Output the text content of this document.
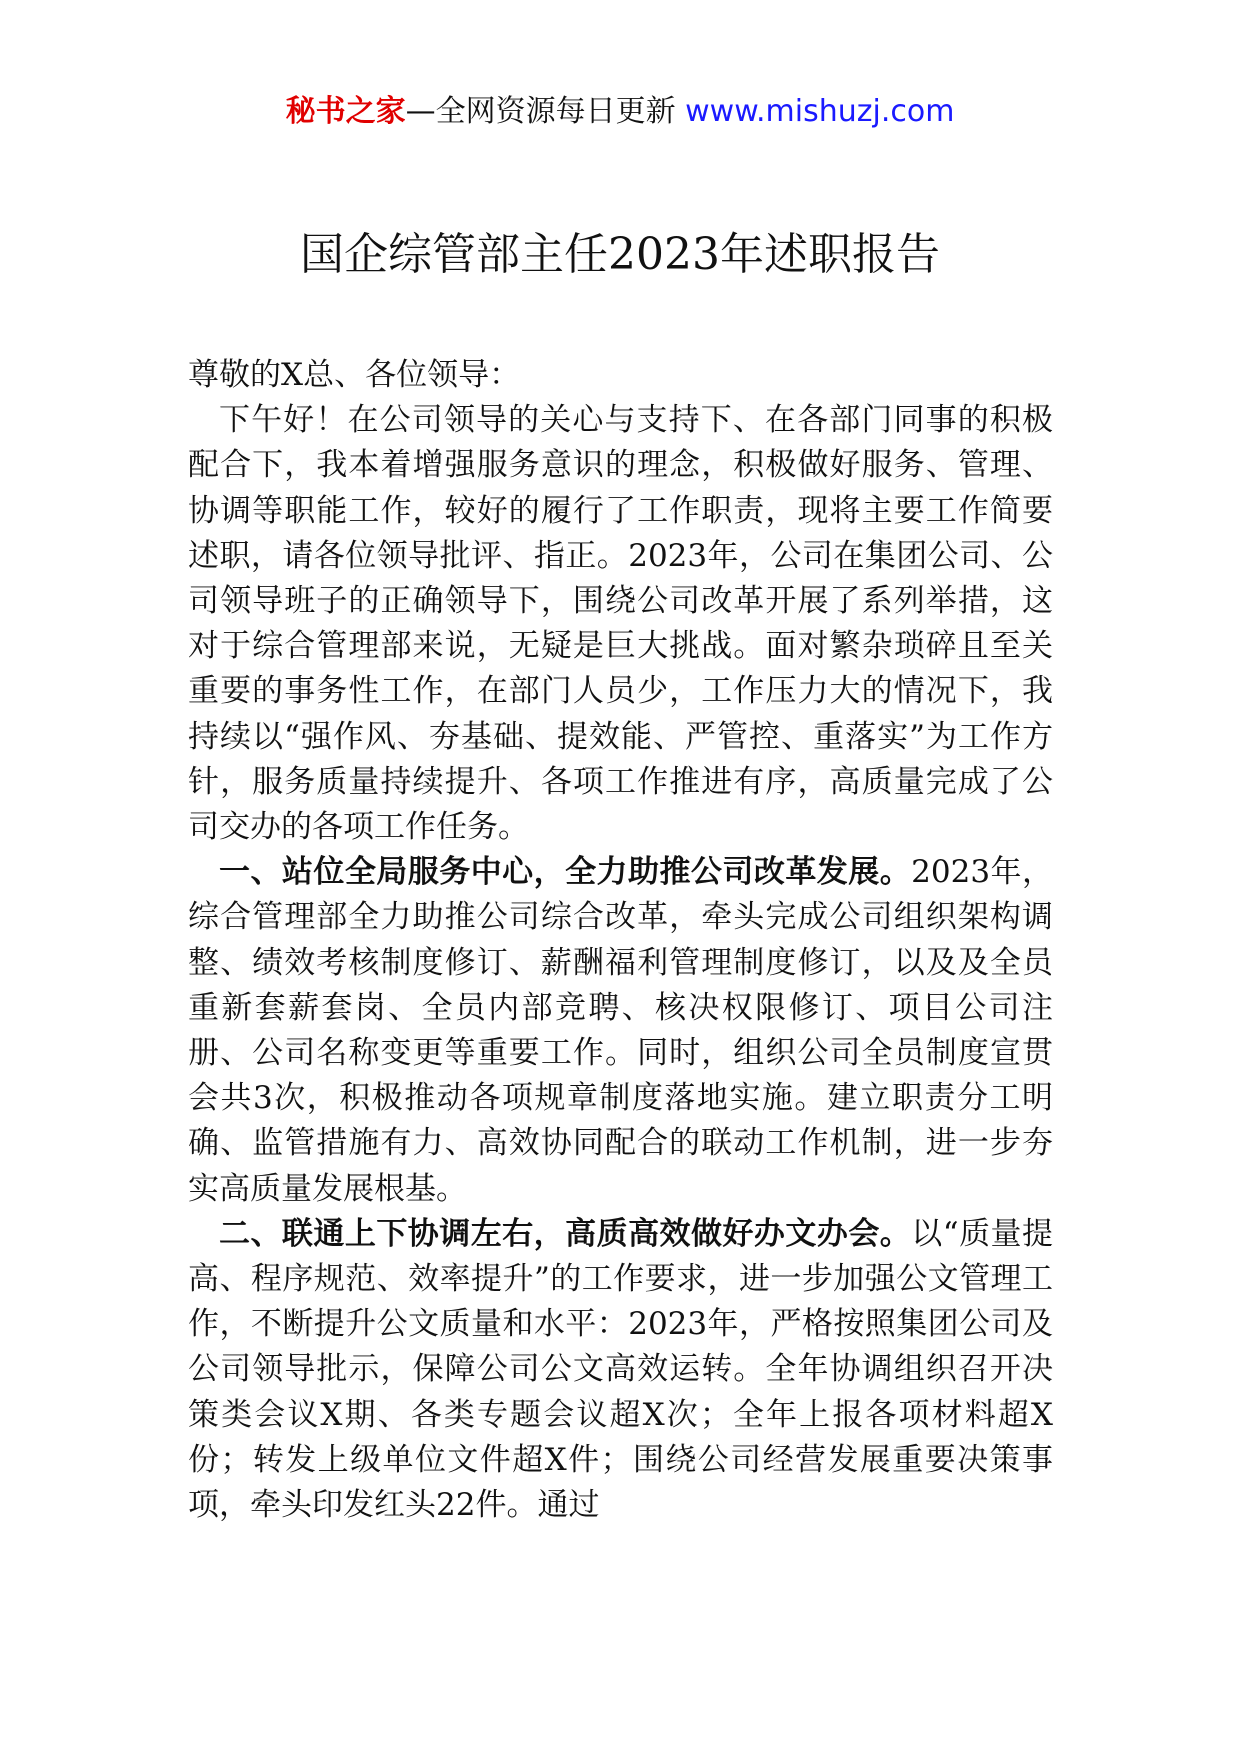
秘书之家—全网资源每日更新 www.mishuzj.com
国企综管部主任2023年述职报告

尊敬的X总、各位领导：

下午好！在公司领导的关心与支持下、在各部门同事的积极配合下，我本着增强服务意识的理念，积极做好服务、管理、协调等职能工作，较好的履行了工作职责，现将主要工作简要述职，请各位领导批评、指正。2023年，公司在集团公司、公司领导班子的正确领导下，围绕公司改革开展了系列举措，这对于综合管理部来说，无疑是巨大挑战。面对繁杂琐碎且至关重要的事务性工作，在部门人员少，工作压力大的情况下，我持续以“强作风、夯基础、提效能、严管控、重落实”为工作方针，服务质量持续提升、各项工作推进有序，高质量完成了公司交办的各项工作任务。

一、站位全局服务中心，全力助推公司改革发展。2023年，综合管理部全力助推公司综合改革，牵头完成公司组织架构调整、绩效考核制度修订、薪酬福利管理制度修订，以及及全员重新套薪套岗、全员内部竞聘、核决权限修订、项目公司注册、公司名称变更等重要工作。同时，组织公司全员制度宣贯会共3次，积极推动各项规章制度落地实施。建立职责分工明确、监管措施有力、高效协同配合的联动工作机制，进一步夯实高质量发展根基。

二、联通上下协调左右，高质高效做好办文办会。以“质量提高、程序规范、效率提升”的工作要求，进一步加强公文管理工作，不断提升公文质量和水平：2023年，严格按照集团公司及公司领导批示，保障公司公文高效运转。全年协调组织召开决策类会议X期、各类专题会议超X次；全年上报各项材料超X份；转发上级单位文件超X件；围绕公司经营发展重要决策事项，牵头印发红头22件。通过
